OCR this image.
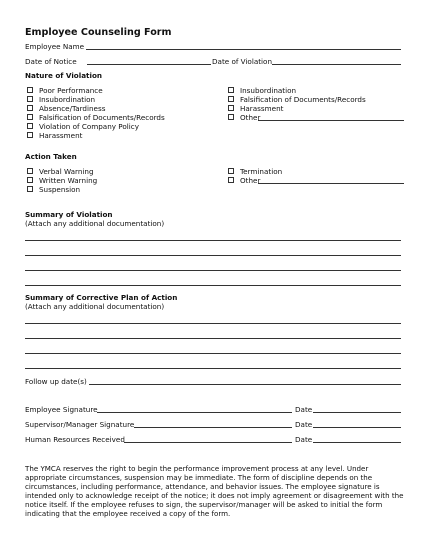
Employee Counseling Form
Employee Name
Date of Notice	Date of Violation
Nature of Violation
Poor Performance
Insubordination
Absence/Tardiness
Falsification of Documents/Records
Violation of Company Policy
Harassment
Insubordination
Falsification of Documents/Records
Harassment
Other
Action Taken
Verbal Warning
Written Warning
Suspension
Termination
Other
Summary of Violation
(Attach any additional documentation)
Summary of Corrective Plan of Action
(Attach any additional documentation)
Follow up date(s)
Employee Signature	Date
Supervisor/Manager Signature	Date
Human Resources Received	Date
The YMCA reserves the right to begin the performance improvement process at any level. Under appropriate circumstances, suspension may be immediate. The form of discipline depends on the circumstances, including performance, attendance, and behavior issues. The employee signature is intended only to acknowledge receipt of the notice; it does not imply agreement or disagreement with the notice itself. If the employee refuses to sign, the supervisor/manager will be asked to initial the form indicating that the employee received a copy of the form.
